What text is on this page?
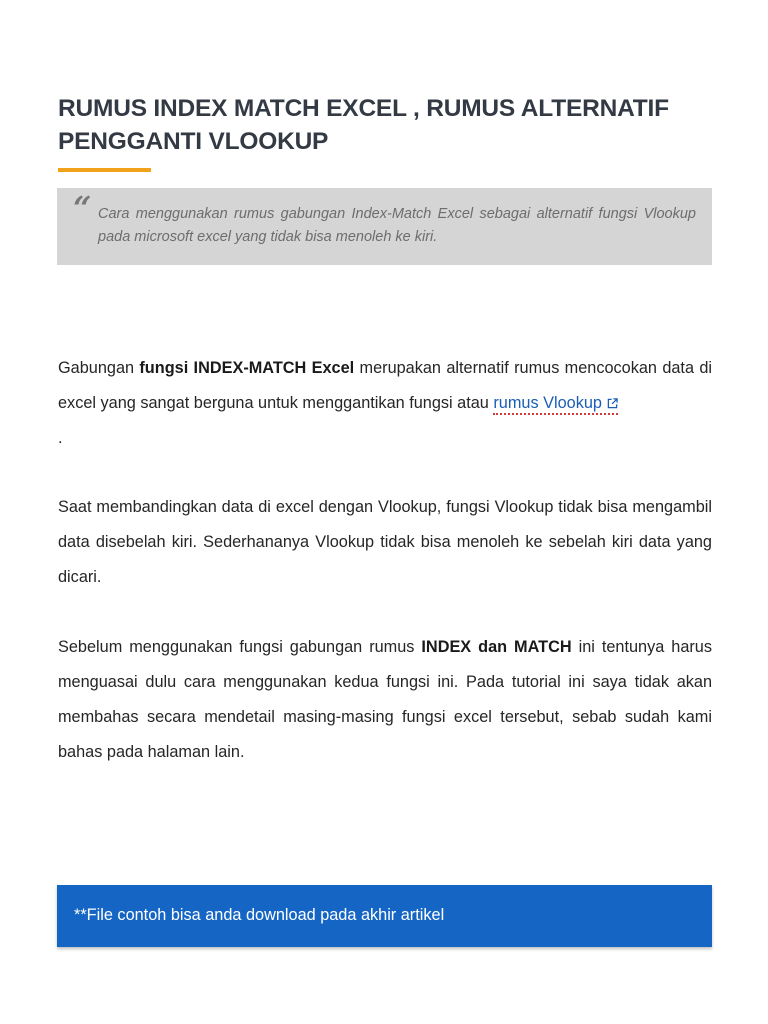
RUMUS INDEX MATCH EXCEL , RUMUS ALTERNATIF PENGGANTI VLOOKUP
“ Cara menggunakan rumus gabungan Index-Match Excel sebagai alternatif fungsi Vlookup pada microsoft excel yang tidak bisa menoleh ke kiri.

Gabungan fungsi INDEX-MATCH Excel merupakan alternatif rumus mencocokan data di excel yang sangat berguna untuk menggantikan fungsi atau rumus Vlookup
.

Saat membandingkan data di excel dengan Vlookup, fungsi Vlookup tidak bisa mengambil data disebelah kiri. Sederhananya Vlookup tidak bisa menoleh ke sebelah kiri data yang dicari.

Sebelum menggunakan fungsi gabungan rumus INDEX dan MATCH ini tentunya harus menguasai dulu cara menggunakan kedua fungsi ini. Pada tutorial ini saya tidak akan membahas secara mendetail masing-masing fungsi excel tersebut, sebab sudah kami bahas pada halaman lain.

**File contoh bisa anda download pada akhir artikel
